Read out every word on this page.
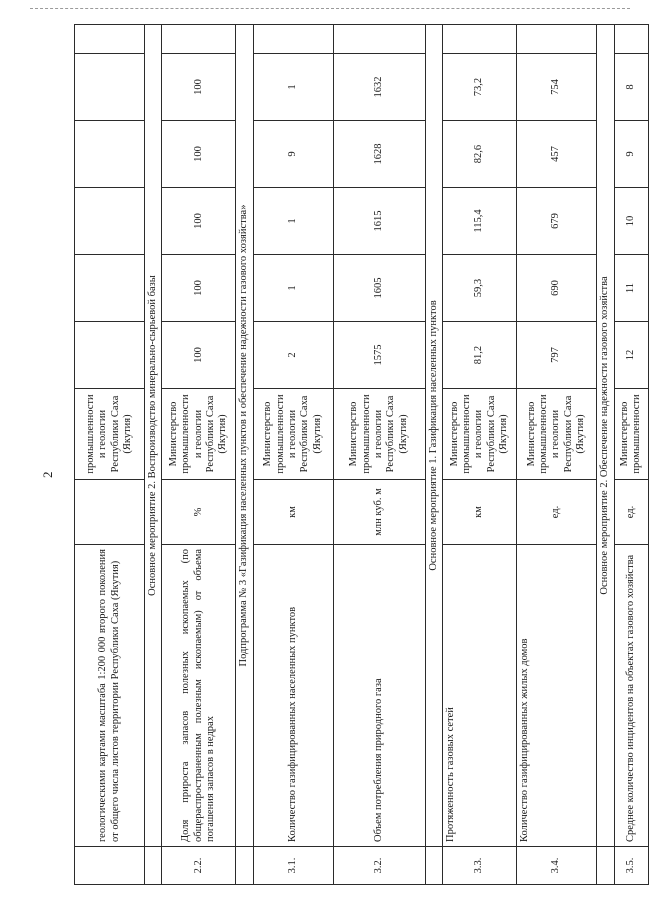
2
	геологическими картами масштаба 1:200 000 второго поколения от общего числа листов территории Республики Саха (Якутия)		промышленности и геологии Республики Саха (Якутия)						
	Основное мероприятие 2. Воспроизводство минерально-сырьевой базы								
2.2.	Доля прироста запасов полезных ископаемых (по общераспространенным полезным ископаемым) от объема погашения запасов в недрах	%	Министерство промышленности и геологии Республики Саха (Якутия)	100	100	100	100	100	
	Подпрограмма № 3 «Газификация населенных пунктов и обеспечение надежности газового хозяйства»								
3.1.	Количество газифицированных населенных пунктов	км	Министерство промышленности и геологии Республики Саха (Якутия)	2	1	1	9	1	
3.2.	Объем потребления природного газа	млн куб. м	Министерство промышленности и геологии Республики Саха (Якутия)	1575	1605	1615	1628	1632	
	Основное мероприятие 1. Газификация населенных пунктов								
3.3.	Протяженность газовых сетей	км	Министерство промышленности и геологии Республики Саха (Якутия)	81,2	59,3	115,4	82,6	73,2	
3.4.	Количество газифицированных жилых домов	ед.	Министерство промышленности и геологии Республики Саха (Якутия)	797	690	679	457	754	
	Основное мероприятие 2. Обеспечение надежности газового хозяйства								
3.5.	Среднее количество инцидентов на объектах газового хозяйства	ед.	Министерство промышленности	12	11	10	9	8	
